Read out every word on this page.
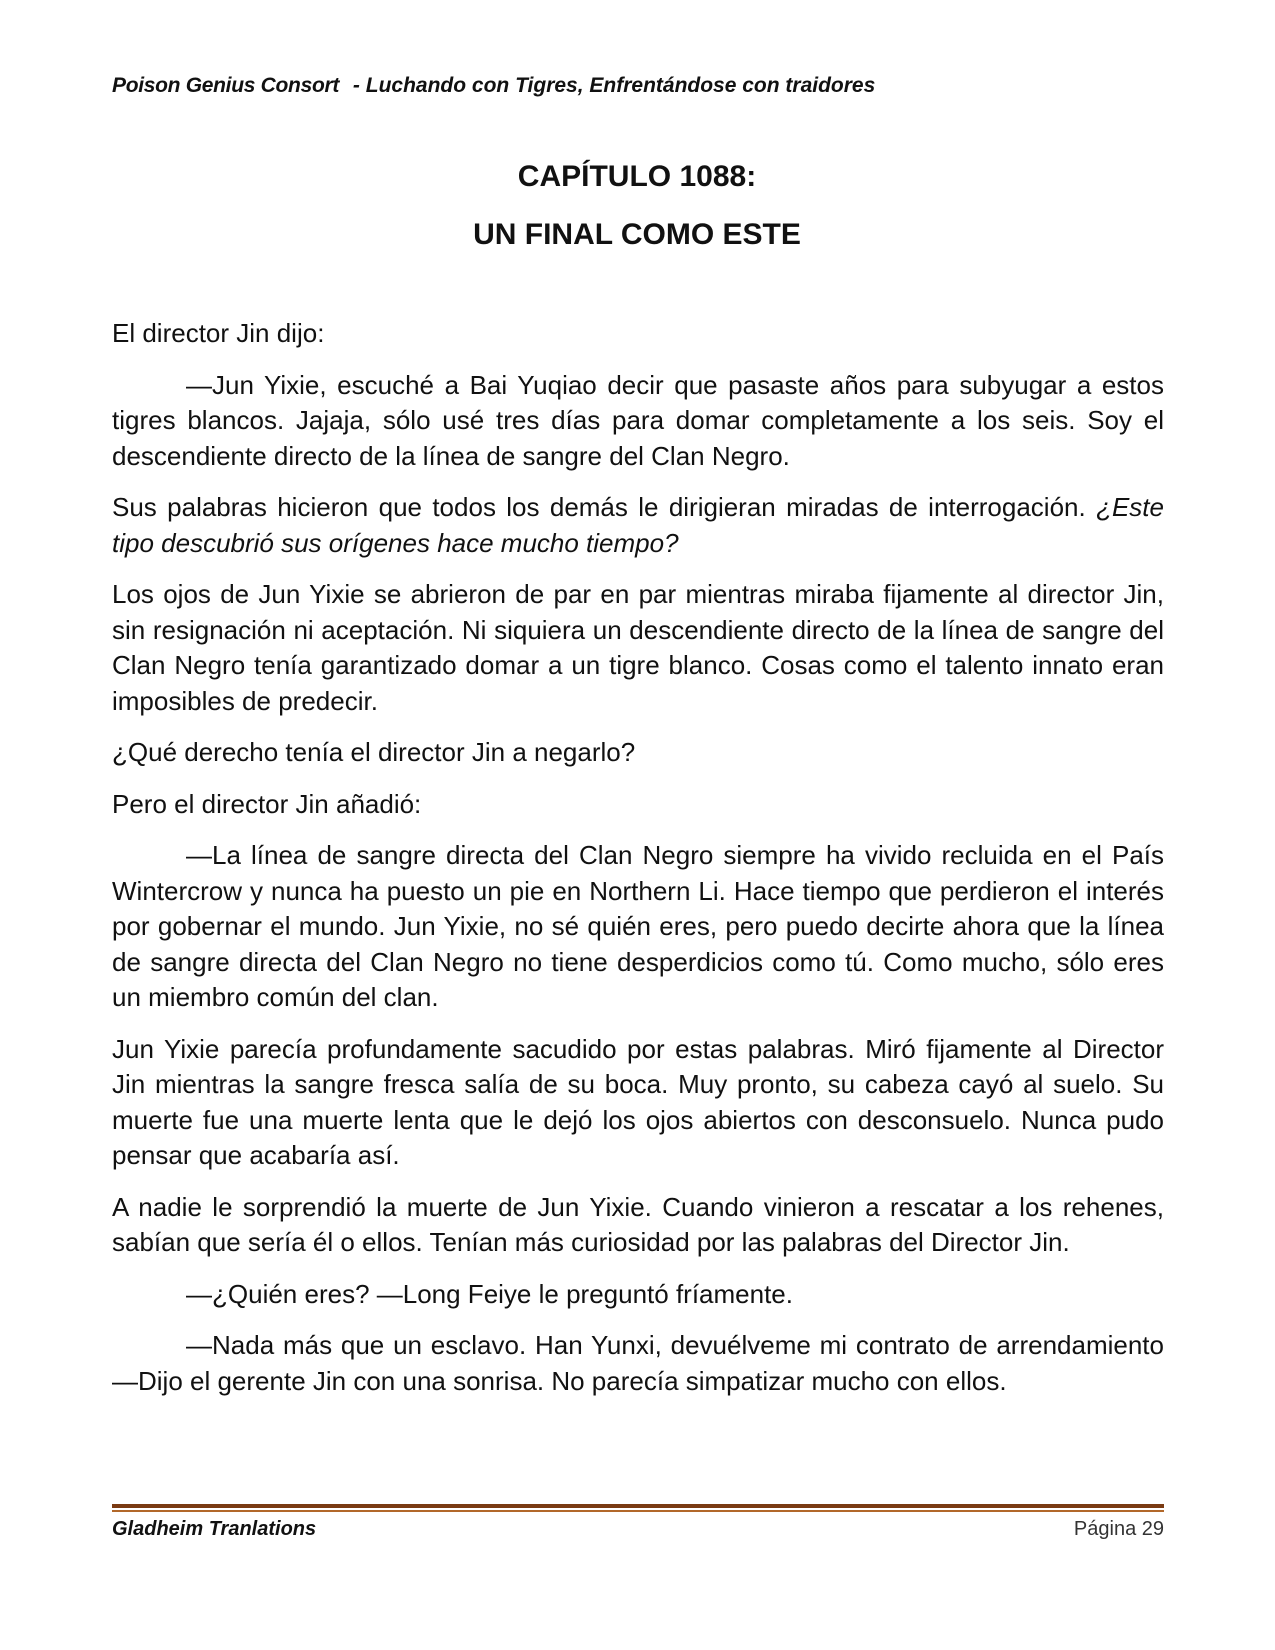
Poison Genius Consort - Luchando con Tigres, Enfrentándose con traidores
CAPÍTULO 1088:
UN FINAL COMO ESTE

El director Jin dijo:

—Jun Yixie, escuché a Bai Yuqiao decir que pasaste años para subyugar a estos tigres blancos. Jajaja, sólo usé tres días para domar completamente a los seis. Soy el descendiente directo de la línea de sangre del Clan Negro.

Sus palabras hicieron que todos los demás le dirigieran miradas de interrogación. ¿Este tipo descubrió sus orígenes hace mucho tiempo?

Los ojos de Jun Yixie se abrieron de par en par mientras miraba fijamente al director Jin, sin resignación ni aceptación. Ni siquiera un descendiente directo de la línea de sangre del Clan Negro tenía garantizado domar a un tigre blanco. Cosas como el talento innato eran imposibles de predecir.

¿Qué derecho tenía el director Jin a negarlo?

Pero el director Jin añadió:

—La línea de sangre directa del Clan Negro siempre ha vivido recluida en el País Wintercrow y nunca ha puesto un pie en Northern Li. Hace tiempo que perdieron el interés por gobernar el mundo. Jun Yixie, no sé quién eres, pero puedo decirte ahora que la línea de sangre directa del Clan Negro no tiene desperdicios como tú. Como mucho, sólo eres un miembro común del clan.

Jun Yixie parecía profundamente sacudido por estas palabras. Miró fijamente al Director Jin mientras la sangre fresca salía de su boca. Muy pronto, su cabeza cayó al suelo. Su muerte fue una muerte lenta que le dejó los ojos abiertos con desconsuelo. Nunca pudo pensar que acabaría así.

A nadie le sorprendió la muerte de Jun Yixie. Cuando vinieron a rescatar a los rehenes, sabían que sería él o ellos. Tenían más curiosidad por las palabras del Director Jin.

—¿Quién eres? —Long Feiye le preguntó fríamente.

—Nada más que un esclavo. Han Yunxi, devuélveme mi contrato de arrendamiento —Dijo el gerente Jin con una sonrisa. No parecía simpatizar mucho con ellos.

Gladheim Tranlations	Página 29
